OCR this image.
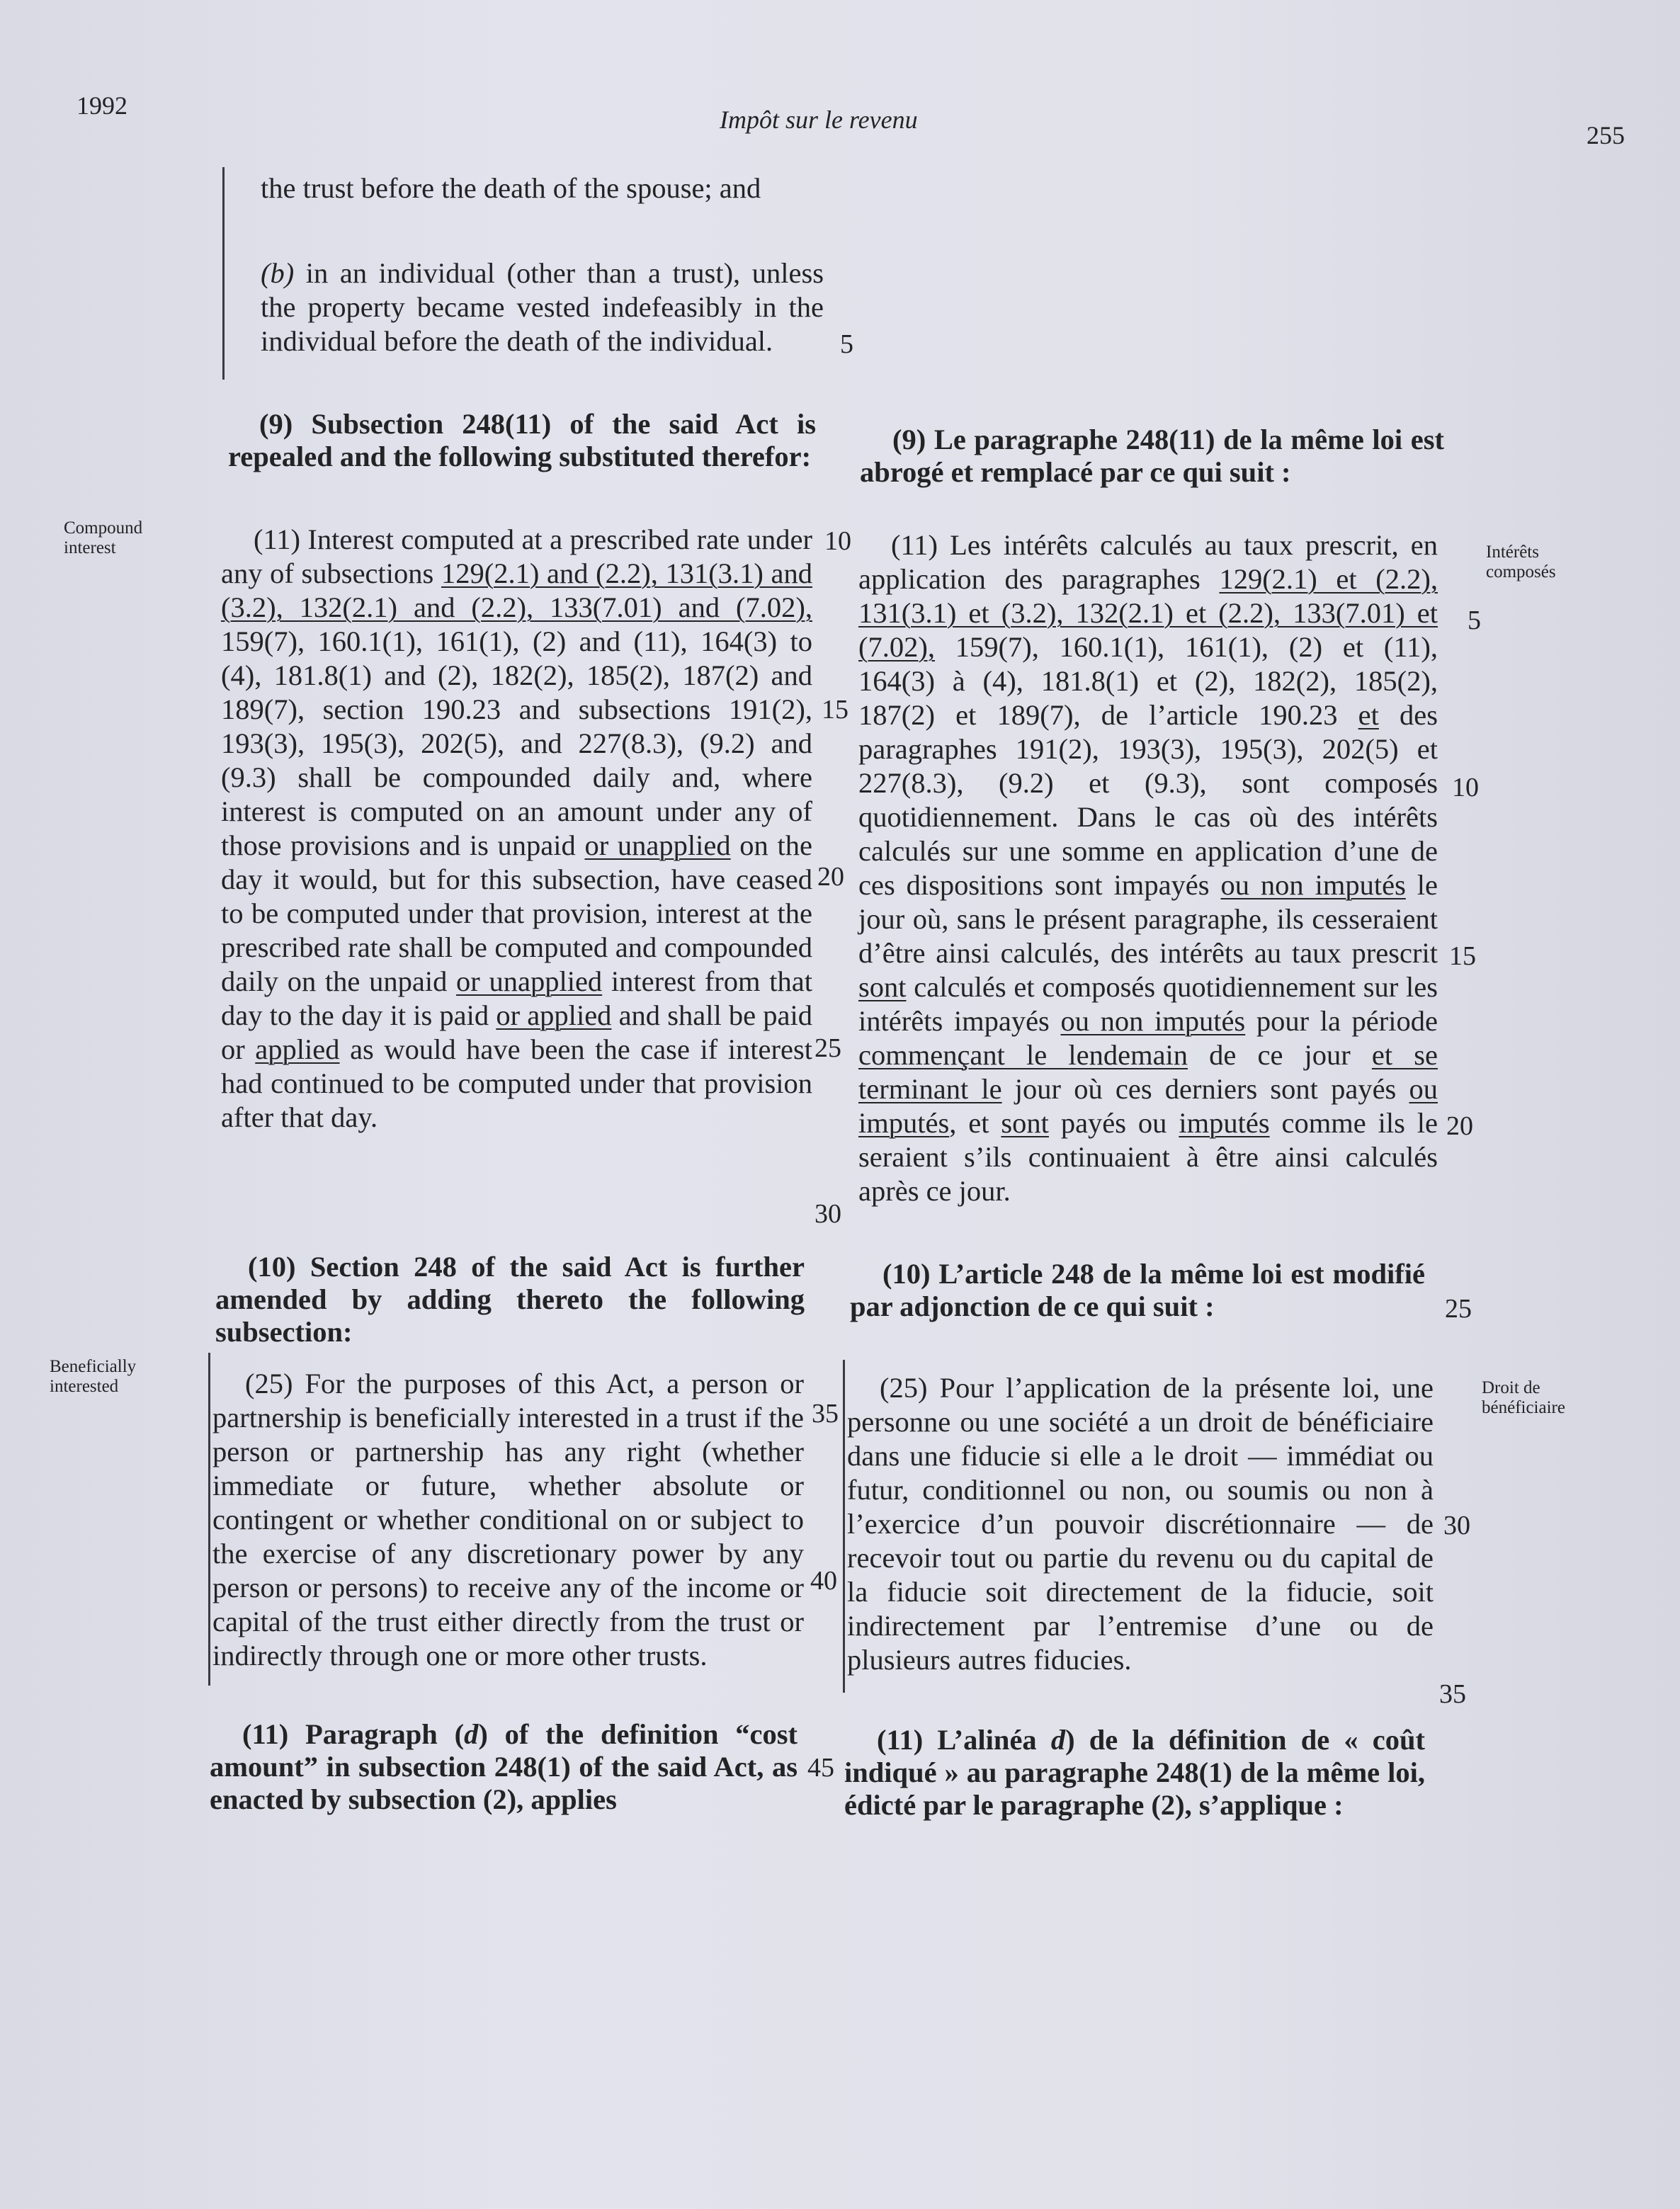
1992	Impôt sur le revenu
255
the trust before the death of the spouse; and
(b) in an individual (other than a trust), unless the property became vested indefeasibly in the individual before the death of the individual.
(9) Subsection 248(11) of the said Act is repealed and the following substituted therefor:
(11) Interest computed at a prescribed rate under any of subsections 129(2.1) and (2.2), 131(3.1) and (3.2), 132(2.1) and (2.2), 133(7.01) and (7.02), 159(7), 160.1(1), 161(1), (2) and (11), 164(3) to (4), 181.8(1) and (2), 182(2), 185(2), 187(2) and 189(7), section 190.23 and subsections 191(2), 193(3), 195(3), 202(5), and 227(8.3), (9.2) and (9.3) shall be compounded daily and, where interest is computed on an amount under any of those provisions and is unpaid or unapplied on the day it would, but for this subsection, have ceased to be computed under that provision, interest at the prescribed rate shall be computed and compounded daily on the unpaid or unapplied interest from that day to the day it is paid or applied and shall be paid or applied as would have been the case if interest had continued to be computed under that provision after that day.
(10) Section 248 of the said Act is further amended by adding thereto the following subsection:
(25) For the purposes of this Act, a person or partnership is beneficially interested in a trust if the person or partnership has any right (whether immediate or future, whether absolute or contingent or whether conditional on or subject to the exercise of any discretionary power by any person or persons) to receive any of the income or capital of the trust either directly from the trust or indirectly through one or more other trusts.
(11) Paragraph (d) of the definition “cost amount” in subsection 248(1) of the said Act, as enacted by subsection (2), applies
5
10
15
20
25
30
35
40
45
(9) Le paragraphe 248(11) de la même loi est abrogé et remplacé par ce qui suit :
(11) Les intérêts calculés au taux prescrit, en application des paragraphes 129(2.1) et (2.2), 131(3.1) et (3.2), 132(2.1) et (2.2), 133(7.01) et (7.02), 159(7), 160.1(1), 161(1), (2) et (11), 164(3) à (4), 181.8(1) et (2), 182(2), 185(2), 187(2) et 189(7), de l’article 190.23 et des paragraphes 191(2), 193(3), 195(3), 202(5) et 227(8.3), (9.2) et (9.3), sont composés quotidiennement. Dans le cas où des intérêts calculés sur une somme en application d’une de ces dispositions sont impayés ou non imputés le jour où, sans le présent paragraphe, ils cesseraient d’être ainsi calculés, des intérêts au taux prescrit sont calculés et composés quotidiennement sur les intérêts impayés ou non imputés pour la période commençant le lendemain de ce jour et se terminant le jour où ces derniers sont payés ou imputés, et sont payés ou imputés comme ils le seraient s’ils continuaient à être ainsi calculés après ce jour.
(10) L’article 248 de la même loi est modifié par adjonction de ce qui suit :
(25) Pour l’application de la présente loi, une personne ou une société a un droit de bénéficiaire dans une fiducie si elle a le droit — immédiat ou futur, conditionnel ou non, ou soumis ou non à l’exercice d’un pouvoir discrétionnaire — de recevoir tout ou partie du revenu ou du capital de la fiducie soit directement de la fiducie, soit indirectement par l’entremise d’une ou de plusieurs autres fiducies.
(11) L’alinéa d) de la définition de « coût indiqué » au paragraphe 248(1) de la même loi, édicté par le paragraphe (2), s’applique :
5
10
15
20
25
30
35
Compound interest	Intérêts composés
Beneficially interested	Droit de bénéficiaire
